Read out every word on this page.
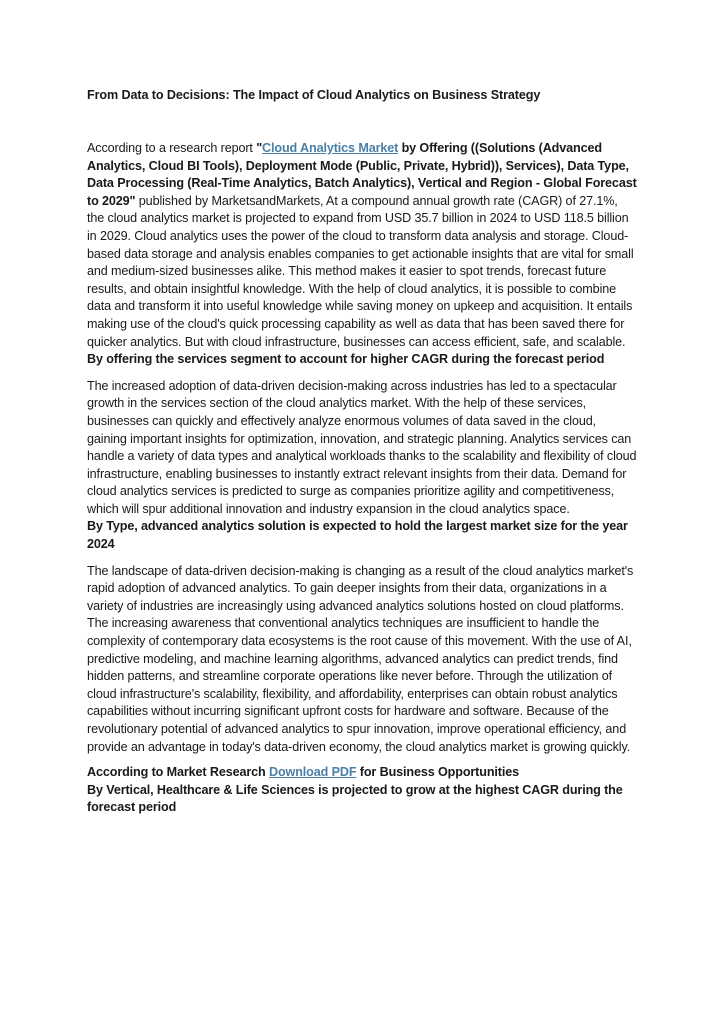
From Data to Decisions: The Impact of Cloud Analytics on Business Strategy

According to a research report "Cloud Analytics Market by Offering ((Solutions (Advanced Analytics, Cloud BI Tools), Deployment Mode (Public, Private, Hybrid)), Services), Data Type, Data Processing (Real-Time Analytics, Batch Analytics), Vertical and Region - Global Forecast to 2029" published by MarketsandMarkets, At a compound annual growth rate (CAGR) of 27.1%, the cloud analytics market is projected to expand from USD 35.7 billion in 2024 to USD 118.5 billion in 2029. Cloud analytics uses the power of the cloud to transform data analysis and storage. Cloud-based data storage and analysis enables companies to get actionable insights that are vital for small and medium-sized businesses alike. This method makes it easier to spot trends, forecast future results, and obtain insightful knowledge. With the help of cloud analytics, it is possible to combine data and transform it into useful knowledge while saving money on upkeep and acquisition. It entails making use of the cloud's quick processing capability as well as data that has been saved there for quicker analytics. But with cloud infrastructure, businesses can access efficient, safe, and scalable.

By offering the services segment to account for higher CAGR during the forecast period

The increased adoption of data-driven decision-making across industries has led to a spectacular growth in the services section of the cloud analytics market. With the help of these services, businesses can quickly and effectively analyze enormous volumes of data saved in the cloud, gaining important insights for optimization, innovation, and strategic planning. Analytics services can handle a variety of data types and analytical workloads thanks to the scalability and flexibility of cloud infrastructure, enabling businesses to instantly extract relevant insights from their data. Demand for cloud analytics services is predicted to surge as companies prioritize agility and competitiveness, which will spur additional innovation and industry expansion in the cloud analytics space.

By Type, advanced analytics solution is expected to hold the largest market size for the year 2024

The landscape of data-driven decision-making is changing as a result of the cloud analytics market's rapid adoption of advanced analytics. To gain deeper insights from their data, organizations in a variety of industries are increasingly using advanced analytics solutions hosted on cloud platforms. The increasing awareness that conventional analytics techniques are insufficient to handle the complexity of contemporary data ecosystems is the root cause of this movement. With the use of AI, predictive modeling, and machine learning algorithms, advanced analytics can predict trends, find hidden patterns, and streamline corporate operations like never before. Through the utilization of cloud infrastructure's scalability, flexibility, and affordability, enterprises can obtain robust analytics capabilities without incurring significant upfront costs for hardware and software. Because of the revolutionary potential of advanced analytics to spur innovation, improve operational efficiency, and provide an advantage in today's data-driven economy, the cloud analytics market is growing quickly.

According to Market Research Download PDF for Business Opportunities

By Vertical, Healthcare & Life Sciences is projected to grow at the highest CAGR during the forecast period
